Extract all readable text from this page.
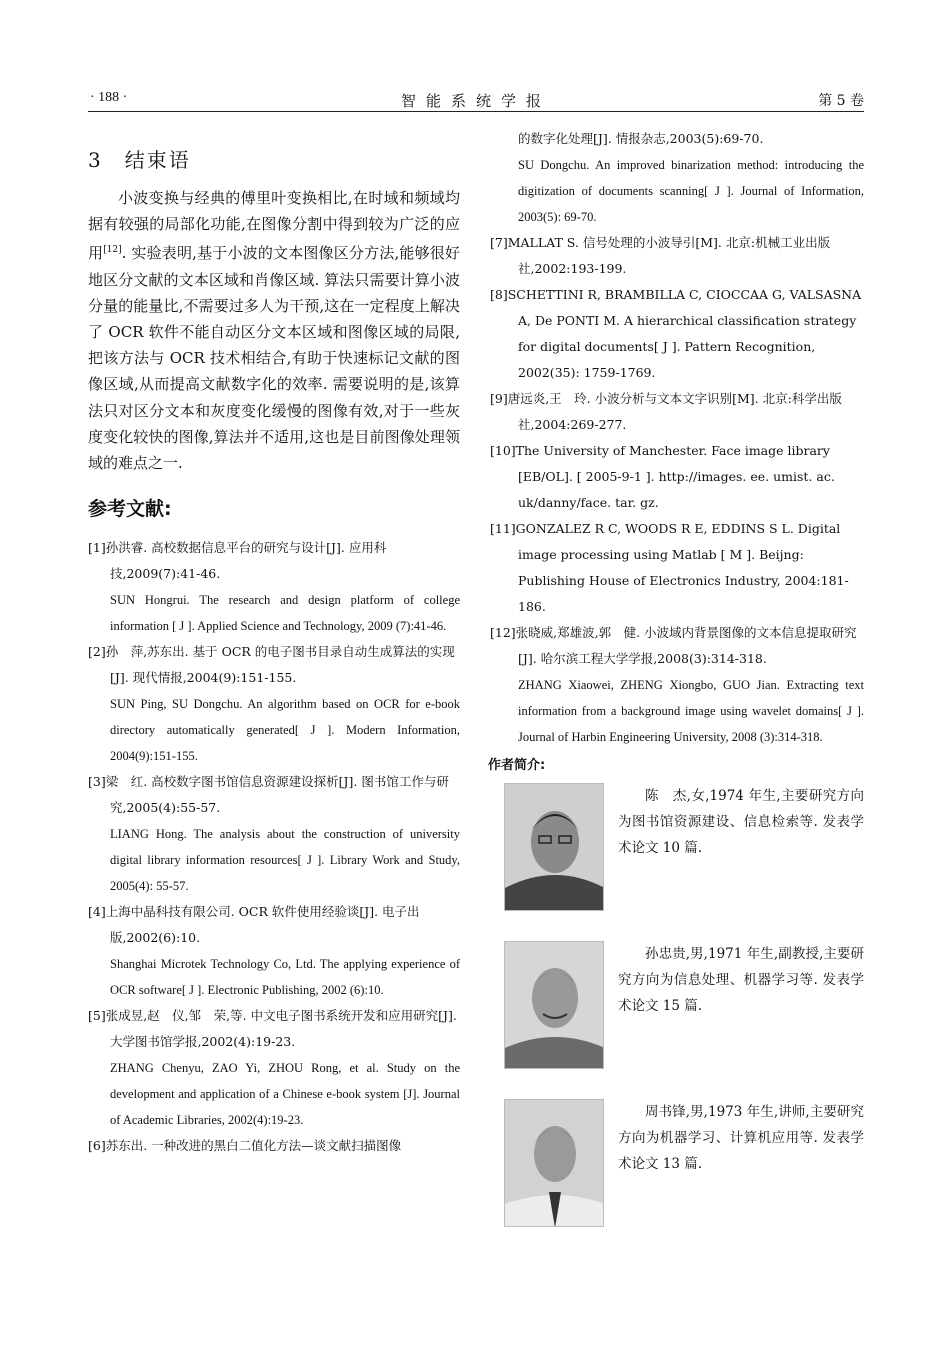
智能系统学报
· 188 ·	第 5 卷
3 结束语

小波变换与经典的傅里叶变换相比,在时域和频域均据有较强的局部化功能,在图像分割中得到较为广泛的应用[12]. 实验表明,基于小波的文本图像区分方法,能够很好地区分文献的文本区域和肖像区域. 算法只需要计算小波分量的能量比,不需要过多人为干预,这在一定程度上解决了 OCR 软件不能自动区分文本区域和图像区域的局限,把该方法与 OCR 技术相结合,有助于快速标记文献的图像区域,从而提高文献数字化的效率. 需要说明的是,该算法只对区分文本和灰度变化缓慢的图像有效,对于一些灰度变化较快的图像,算法并不适用,这也是目前图像处理领域的难点之一.

参考文献:
[1]孙洪睿. 高校数据信息平台的研究与设计[J]. 应用科技,2009(7):41-46.
SUN Hongrui. The research and design platform of college information [ J ]. Applied Science and Technology, 2009 (7):41-46.
[2]孙　萍,苏东出. 基于 OCR 的电子图书目录自动生成算法的实现[J]. 现代情报,2004(9):151-155.
SUN Ping, SU Dongchu. An algorithm based on OCR for e-book directory automatically generated[ J ]. Modern Information, 2004(9):151-155.
[3]梁　红. 高校数字图书馆信息资源建设探析[J]. 图书馆工作与研究,2005(4):55-57.
LIANG Hong. The analysis about the construction of university digital library information resources[ J ]. Library Work and Study, 2005(4): 55-57.
[4]上海中晶科技有限公司. OCR 软件使用经验谈[J]. 电子出版,2002(6):10.
Shanghai Microtek Technology Co, Ltd. The applying experience of OCR software[ J ]. Electronic Publishing, 2002 (6):10.
[5]张成昱,赵　仪,邹　荣,等. 中文电子图书系统开发和应用研究[J]. 大学图书馆学报,2002(4):19-23.
ZHANG Chenyu, ZAO Yi, ZHOU Rong, et al. Study on the development and application of a Chinese e-book system [J]. Journal of Academic Libraries, 2002(4):19-23.
[6]苏东出. 一种改进的黑白二值化方法—谈文献扫描图像
的数字化处理[J]. 情报杂志,2003(5):69-70.
SU Dongchu. An improved binarization method: introducing the digitization of documents scanning[ J ]. Journal of Information, 2003(5): 69-70.
[7]MALLAT S. 信号处理的小波导引[M]. 北京:机械工业出版社,2002:193-199.
[8]SCHETTINI R, BRAMBILLA C, CIOCCAA G, VALSASNA A, De PONTI M. A hierarchical classification strategy for digital documents[ J ]. Pattern Recognition, 2002(35): 1759-1769.
[9]唐远炎,王　玲. 小波分析与文本文字识别[M]. 北京:科学出版社,2004:269-277.
[10]The University of Manchester. Face image library [EB/OL]. [ 2005-9-1 ]. http://images. ee. umist. ac. uk/danny/face. tar. gz.
[11]GONZALEZ R C, WOODS R E, EDDINS S L. Digital image processing using Matlab [ M ]. Beijng: Publishing House of Electronics Industry, 2004:181-186.
[12]张晓威,郑雄波,郭　健. 小波域内背景图像的文本信息提取研究[J]. 哈尔滨工程大学学报,2008(3):314-318.
ZHANG Xiaowei, ZHENG Xiongbo, GUO Jian. Extracting text information from a background image using wavelet domains[ J ]. Journal of Harbin Engineering University, 2008 (3):314-318.
作者简介:

陈　杰,女,1974 年生,主要研究方向为图书馆资源建设、信息检索等. 发表学术论文 10 篇.

孙忠贵,男,1971 年生,副教授,主要研究方向为信息处理、机器学习等. 发表学术论文 15 篇.

周书锋,男,1973 年生,讲师,主要研究方向为机器学习、计算机应用等. 发表学术论文 13 篇.
